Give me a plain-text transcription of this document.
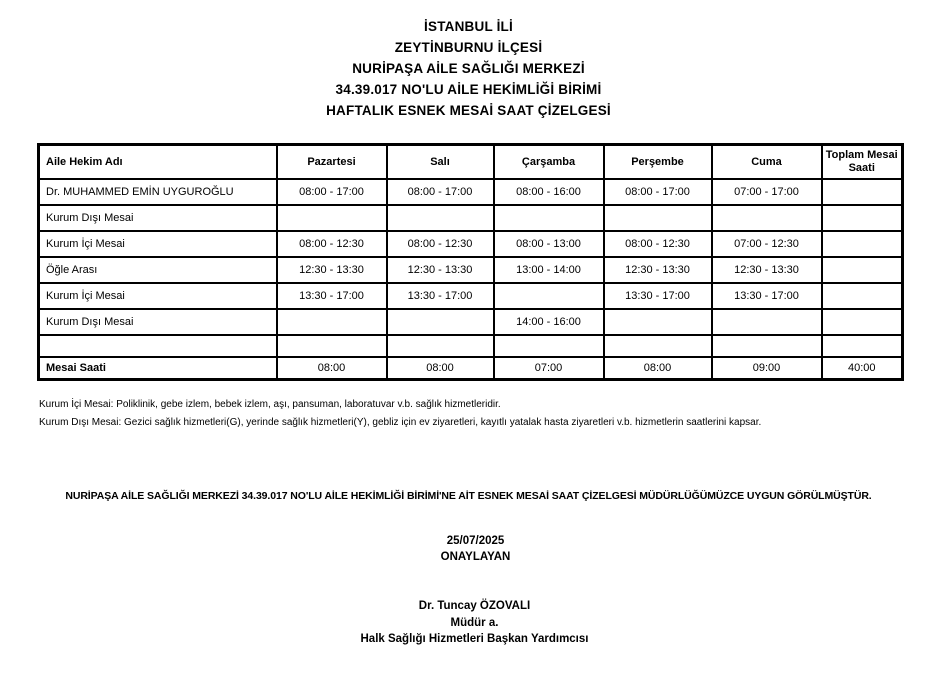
İSTANBUL İLİ
ZEYTİNBURNU İLÇESİ
NURİPAŞA AİLE SAĞLIĞI MERKEZİ
34.39.017 NO'LU AİLE HEKİMLİĞİ BİRİMİ
HAFTALIK ESNEK MESAİ SAAT ÇİZELGESİ
Aile Hekim Adı	Pazartesi	Salı	Çarşamba	Perşembe	Cuma	Toplam Mesai Saati
Dr. MUHAMMED EMİN UYGUROĞLU	08:00 - 17:00	08:00 - 17:00	08:00 - 16:00	08:00 - 17:00	07:00 - 17:00	
Kurum Dışı Mesai						
Kurum İçi Mesai	08:00 - 12:30	08:00 - 12:30	08:00 - 13:00	08:00 - 12:30	07:00 - 12:30	
Öğle Arası	12:30 - 13:30	12:30 - 13:30	13:00 - 14:00	12:30 - 13:30	12:30 - 13:30	
Kurum İçi Mesai	13:30 - 17:00	13:30 - 17:00		13:30 - 17:00	13:30 - 17:00	
Kurum Dışı Mesai			14:00 - 16:00			

Mesai Saati	08:00	08:00	07:00	08:00	09:00	40:00
Kurum İçi Mesai: Poliklinik, gebe izlem, bebek izlem, aşı, pansuman, laboratuvar v.b. sağlık hizmetleridir.
Kurum Dışı Mesai: Gezici sağlık hizmetleri(G), yerinde sağlık hizmetleri(Y), gebliz için ev ziyaretleri, kayıtlı yatalak hasta ziyaretleri v.b. hizmetlerin saatlerini kapsar.
NURİPAŞA AİLE SAĞLIĞI MERKEZİ 34.39.017 NO'LU AİLE HEKİMLİĞİ BİRİMİ'NE AİT ESNEK MESAİ SAAT ÇİZELGESİ MÜDÜRLÜĞÜMÜZCE UYGUN GÖRÜLMÜŞTÜR.
25/07/2025
ONAYLAYAN
Dr. Tuncay ÖZOVALI
Müdür a.
Halk Sağlığı Hizmetleri Başkan Yardımcısı
